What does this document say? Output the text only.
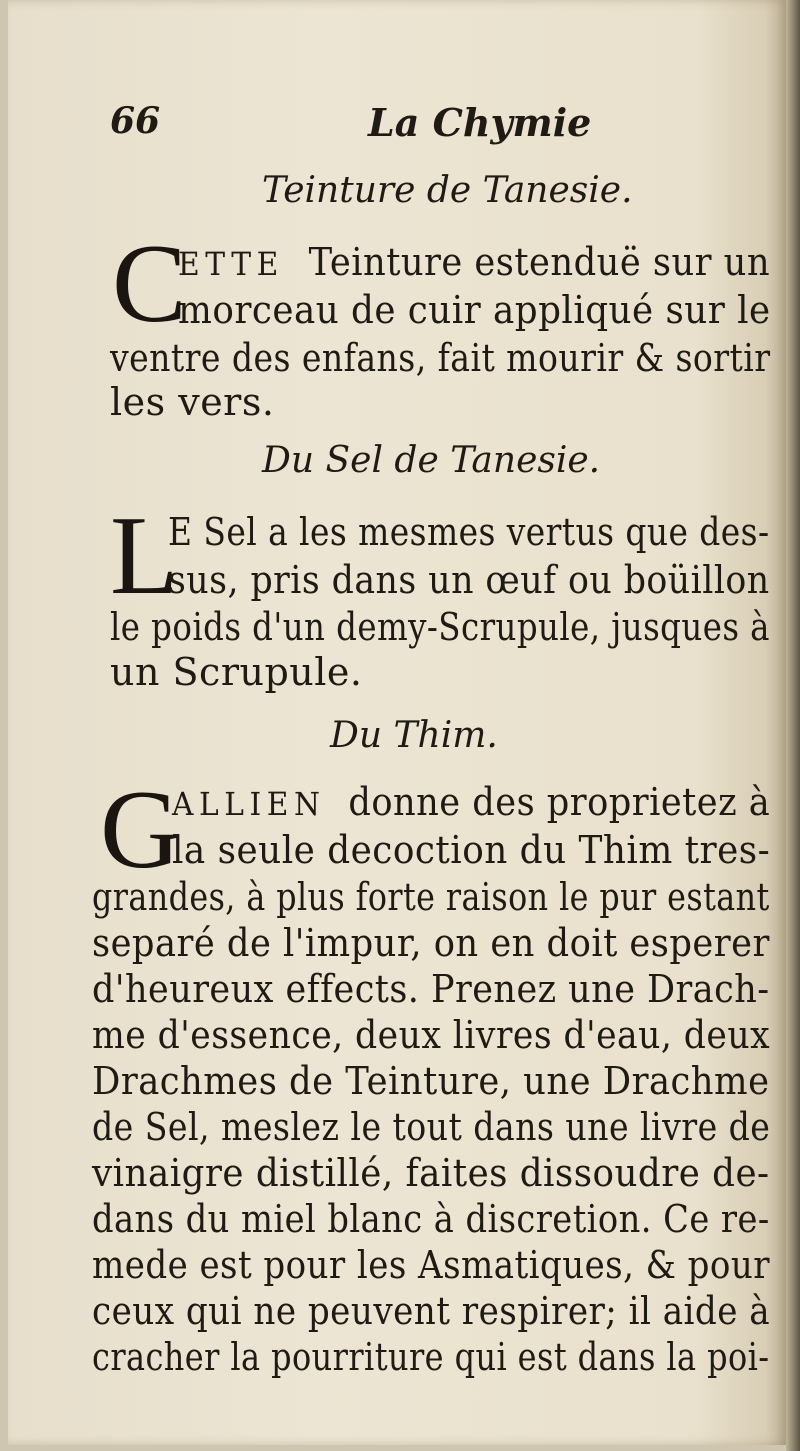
66	La Chymie
Teinture de Tanesie.
C
ETTE Teinture estenduë sur un
morceau de cuir appliqué sur le
ventre des enfans, fait mourir & sortir
les vers.
Du Sel de Tanesie.
L
E Sel a les mesmes vertus que des-
sus, pris dans un œuf ou boüillon
le poids d'un demy-Scrupule, jusques à
un Scrupule.
Du Thim.
G
ALLIEN donne des proprietez à
la seule decoction du Thim tres-
grandes, à plus forte raison le pur estant
separé de l'impur, on en doit esperer
d'heureux effects. Prenez une Drach-
me d'essence, deux livres d'eau, deux
Drachmes de Teinture, une Drachme
de Sel, meslez le tout dans une livre de
vinaigre distillé, faites dissoudre de-
dans du miel blanc à discretion. Ce re-
mede est pour les Asmatiques, & pour
ceux qui ne peuvent respirer; il aide à
cracher la pourriture qui est dans la poi-
